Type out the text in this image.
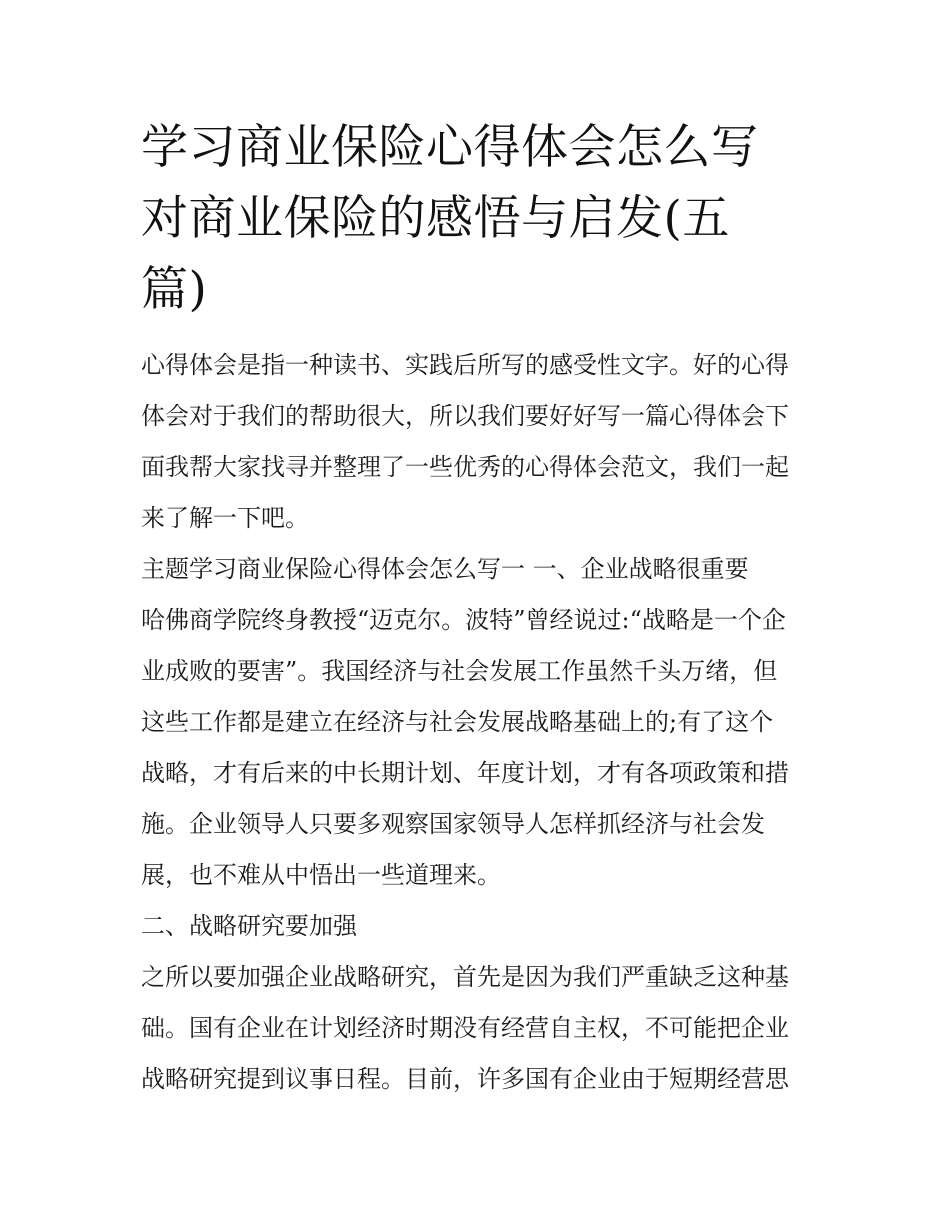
学习商业保险心得体会怎么写
对商业保险的感悟与启发(五
篇)
心得体会是指一种读书、实践后所写的感受性文字。好的心得
体会对于我们的帮助很大，所以我们要好好写一篇心得体会下
面我帮大家找寻并整理了一些优秀的心得体会范文，我们一起
来了解一下吧。
主题学习商业保险心得体会怎么写一 一、企业战略很重要
哈佛商学院终身教授“迈克尔。波特”曾经说过:“战略是一个企
业成败的要害”。我国经济与社会发展工作虽然千头万绪，但
这些工作都是建立在经济与社会发展战略基础上的;有了这个
战略，才有后来的中长期计划、年度计划，才有各项政策和措
施。企业领导人只要多观察国家领导人怎样抓经济与社会发
展，也不难从中悟出一些道理来。
二、战略研究要加强
之所以要加强企业战略研究，首先是因为我们严重缺乏这种基
础。国有企业在计划经济时期没有经营自主权，不可能把企业
战略研究提到议事日程。目前，许多国有企业由于短期经营思
